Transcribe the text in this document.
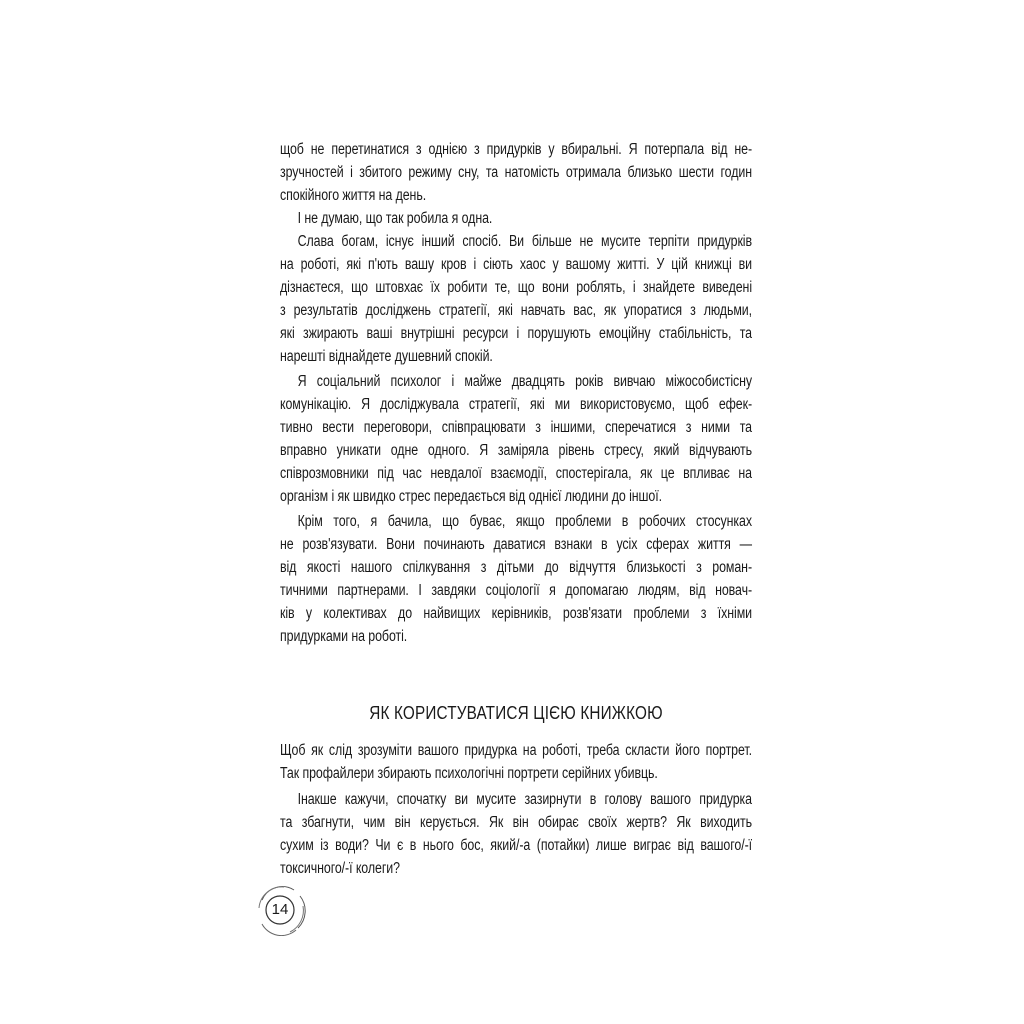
щоб не перетинатися з однією з придурків у вбиральні. Я потерпала від не-
зручностей і збитого режиму сну, та натомість отримала близько шести годин
спокійного життя на день.
І не думаю, що так робила я одна.
Слава богам, існує інший спосіб. Ви більше не мусите терпіти придурків
на роботі, які п'ють вашу кров і сіють хаос у вашому житті. У цій книжці ви
дізнаєтеся, що штовхає їх робити те, що вони роблять, і знайдете виведені
з результатів досліджень стратегії, які навчать вас, як упоратися з людьми,
які зжирають ваші внутрішні ресурси і порушують емоційну стабільність, та
нарешті віднайдете душевний спокій.
Я соціальний психолог і майже двадцять років вивчаю міжособистісну
комунікацію. Я досліджувала стратегії, які ми використовуємо, щоб ефек-
тивно вести переговори, співпрацювати з іншими, сперечатися з ними та
вправно уникати одне одного. Я заміряла рівень стресу, який відчувають
співрозмовники під час невдалої взаємодії, спостерігала, як це впливає на
організм і як швидко стрес передається від однієї людини до іншої.
Крім того, я бачила, що буває, якщо проблеми в робочих стосунках
не розв'язувати. Вони починають даватися взнаки в усіх сферах життя —
від якості нашого спілкування з дітьми до відчуття близькості з роман-
тичними партнерами. І завдяки соціології я допомагаю людям, від новач-
ків у колективах до найвищих керівників, розв'язати проблеми з їхніми
придурками на роботі.
ЯК КОРИСТУВАТИСЯ ЦІЄЮ КНИЖКОЮ
Щоб як слід зрозуміти вашого придурка на роботі, треба скласти його портрет.
Так профайлери збирають психологічні портрети серійних убивць.
Інакше кажучи, спочатку ви мусите зазирнути в голову вашого придурка
та збагнути, чим він керується. Як він обирає своїх жертв? Як виходить
сухим із води? Чи є в нього бос, який/-а (потайки) лише виграє від вашого/-ї
токсичного/-ї колеги?
14
